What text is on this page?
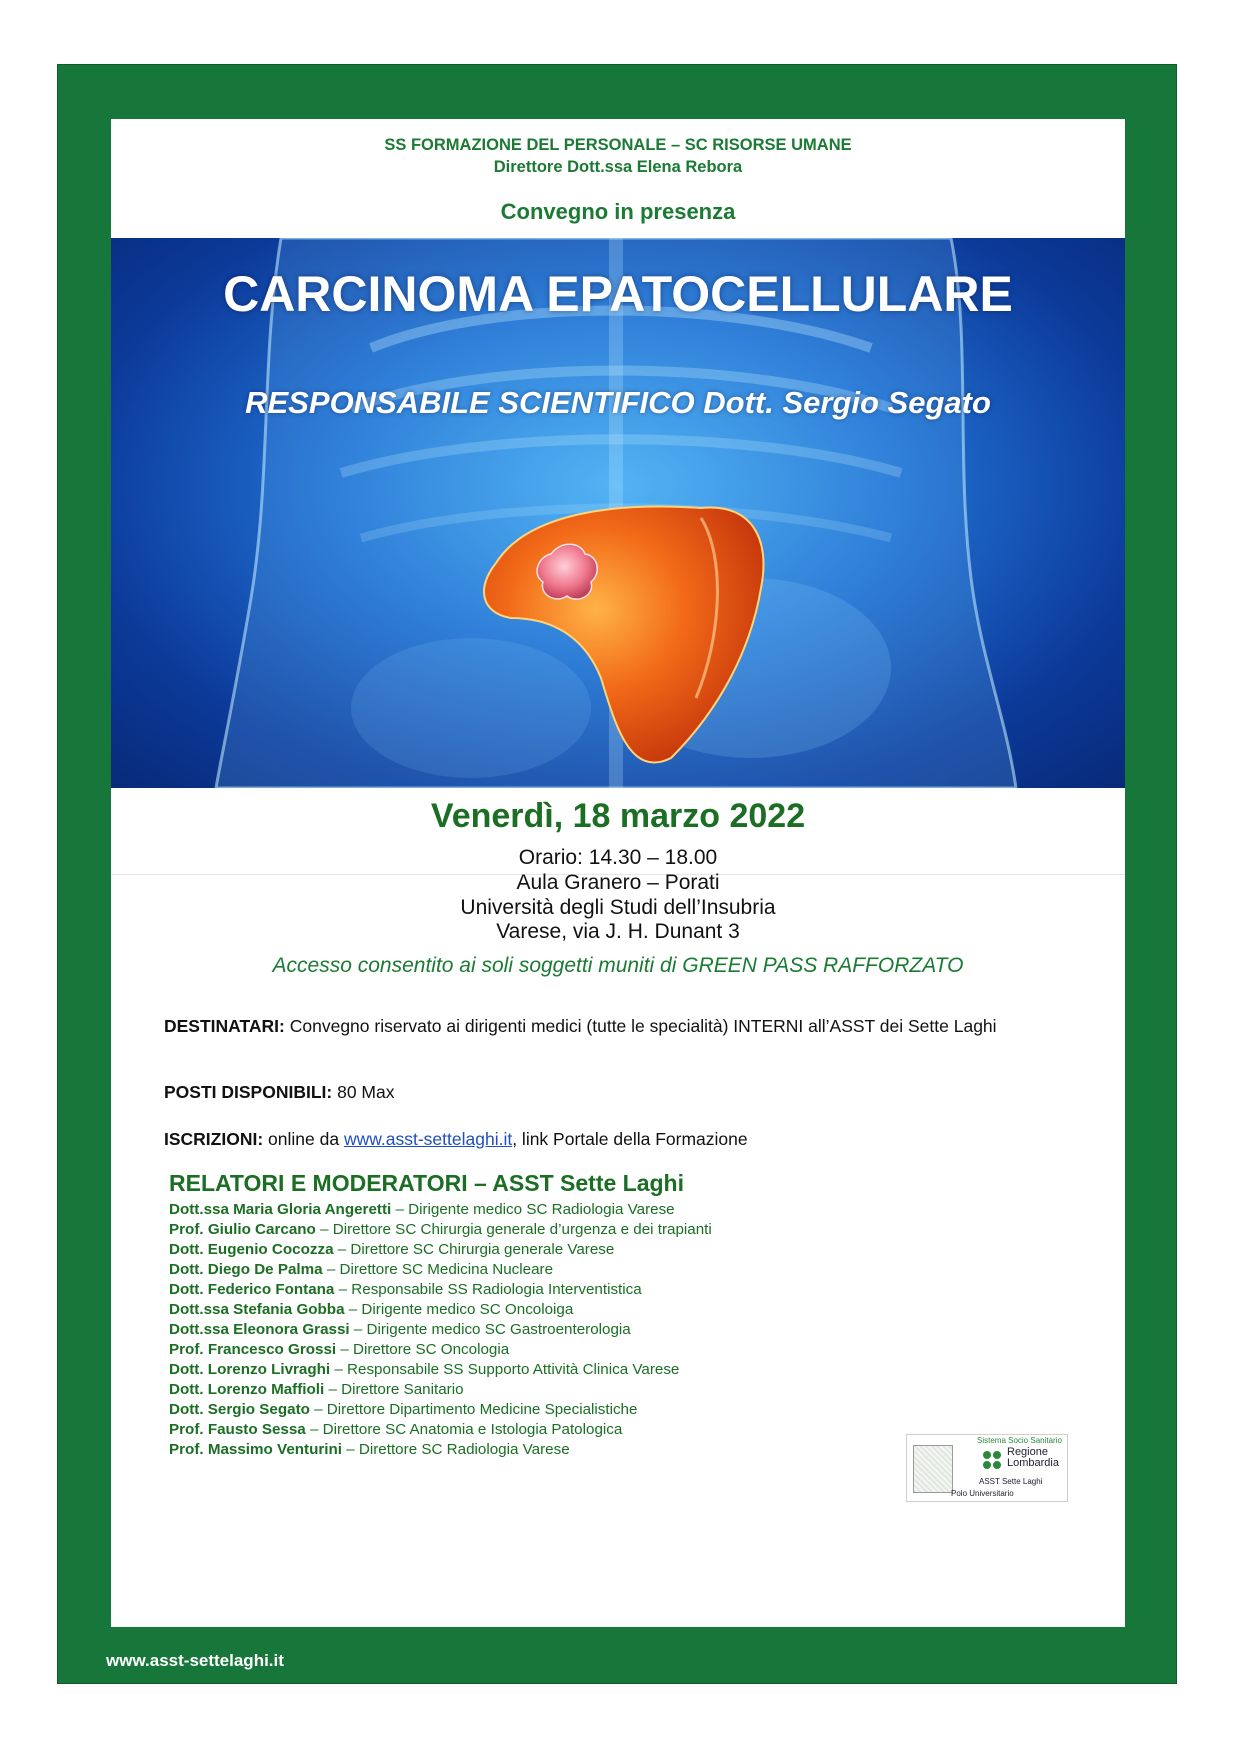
SS FORMAZIONE DEL PERSONALE – SC RISORSE UMANE
Direttore Dott.ssa Elena Rebora
Convegno in presenza
CARCINOMA EPATOCELLULARE
RESPONSABILE SCIENTIFICO Dott. Sergio Segato
Venerdì, 18 marzo 2022
Orario: 14.30 – 18.00
Aula Granero – Porati
Università degli Studi dell’Insubria
Varese, via J. H. Dunant 3
Accesso consentito ai soli soggetti muniti di GREEN PASS RAFFORZATO
DESTINATARI: Convegno riservato ai dirigenti medici (tutte le specialità) INTERNI all’ASST dei Sette Laghi
POSTI DISPONIBILI: 80 Max
ISCRIZIONI: online da www.asst-settelaghi.it, link Portale della Formazione
RELATORI E MODERATORI – ASST Sette Laghi
Dott.ssa Maria Gloria Angeretti – Dirigente medico SC Radiologia Varese
Prof. Giulio Carcano – Direttore SC Chirurgia generale d’urgenza e dei trapianti
Dott. Eugenio Cocozza – Direttore SC Chirurgia generale Varese
Dott. Diego De Palma – Direttore SC Medicina Nucleare
Dott. Federico Fontana – Responsabile SS Radiologia Interventistica
Dott.ssa Stefania Gobba – Dirigente medico SC Oncoloiga
Dott.ssa Eleonora Grassi – Dirigente medico SC Gastroenterologia
Prof. Francesco Grossi – Direttore SC Oncologia
Dott. Lorenzo Livraghi – Responsabile SS Supporto Attività Clinica Varese
Dott. Lorenzo Maffioli – Direttore Sanitario
Dott. Sergio Segato – Direttore Dipartimento Medicine Specialistiche
Prof. Fausto Sessa – Direttore SC Anatomia e Istologia Patologica
Prof. Massimo Venturini – Direttore SC Radiologia Varese
Sistema Socio Sanitario
Regione
Lombardia
ASST Sette Laghi
Polo Universitario
www.asst-settelaghi.it
